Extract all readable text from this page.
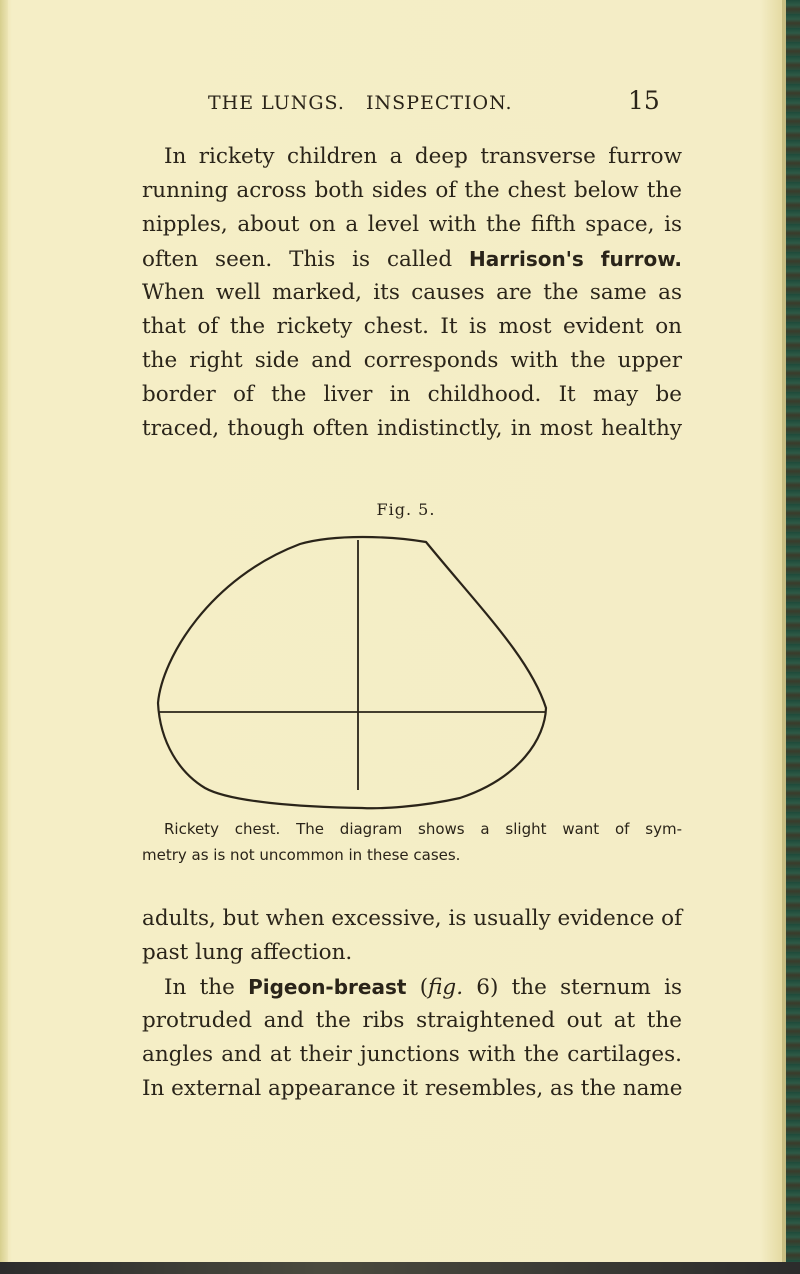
THE LUNGS.   INSPECTION.	15
In rickety children a deep transverse furrow
running across both sides of the chest below the
nipples, about on a level with the fifth space, is
often seen. This is called Harrison's furrow.
When well marked, its causes are the same as
that of the rickety chest. It is most evident on
the right side and corresponds with the upper
border of the liver in childhood. It may be
traced, though often indistinctly, in most healthy
Fig. 5.
Rickety chest. The diagram shows a slight want of sym-
metry as is not uncommon in these cases.
adults, but when excessive, is usually evidence of
past lung affection.
In the Pigeon-breast (fig. 6) the sternum is
protruded and the ribs straightened out at the
angles and at their junctions with the cartilages.
In external appearance it resembles, as the name
